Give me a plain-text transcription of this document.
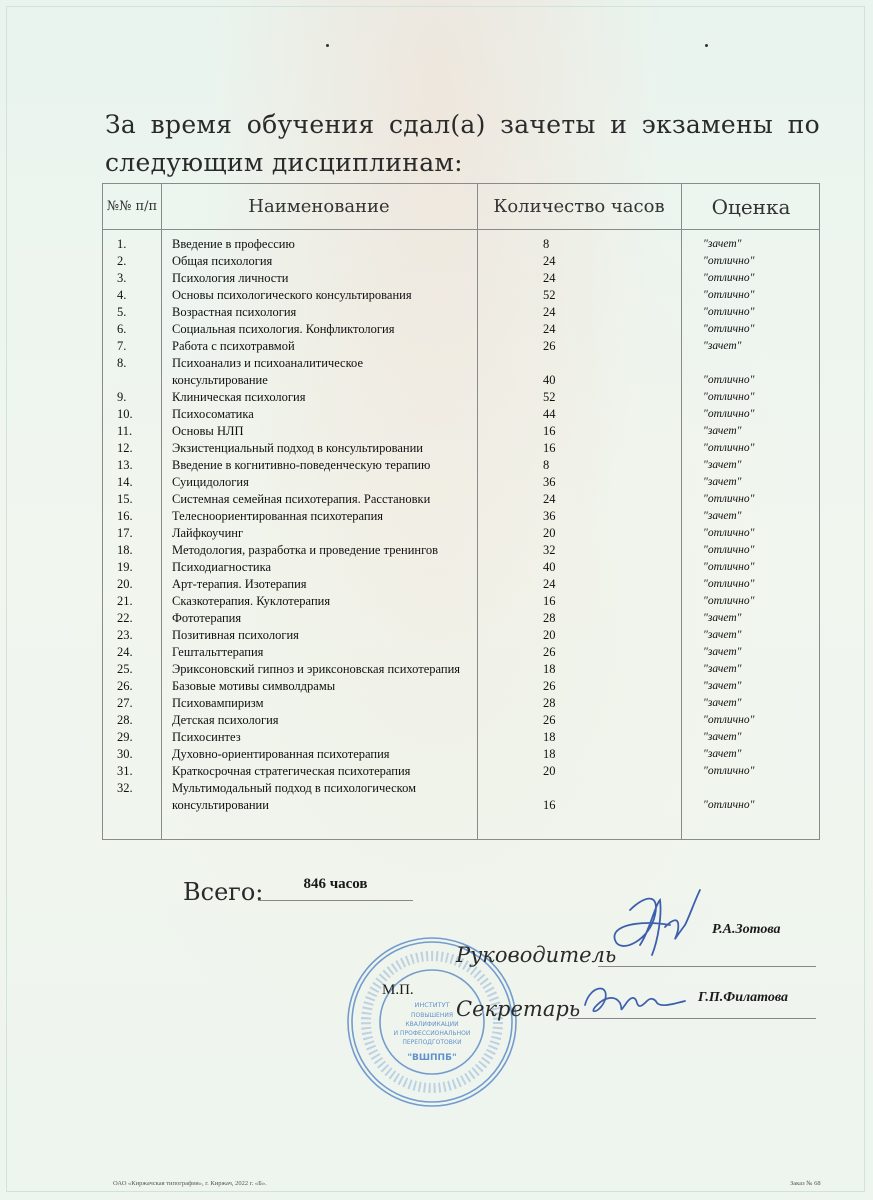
За время обучения сдал(а) зачеты и экзамены по следующим дисциплинам:
№№ п/п	Наименование	Количество часов	Оценка
1.	Введение в профессию	8	"зачет"
2.	Общая психология	24	"отлично"
3.	Психология личности	24	"отлично"
4.	Основы психологического консультирования	52	"отлично"
5.	Возрастная психология	24	"отлично"
6.	Социальная психология. Конфликтология	24	"отлично"
7.	Работа с психотравмой	26	"зачет"
8.	Психоанализ и психоаналитическое
консультирование	40	"отлично"
9.	Клиническая психология	52	"отлично"
10.	Психосоматика	44	"отлично"
11.	Основы НЛП	16	"зачет"
12.	Экзистенциальный подход в консультировании	16	"отлично"
13.	Введение в когнитивно-поведенческую терапию	8	"зачет"
14.	Суицидология	36	"зачет"
15.	Системная семейная психотерапия. Расстановки	24	"отлично"
16.	Телесноориентированная психотерапия	36	"зачет"
17.	Лайфкоучинг	20	"отлично"
18.	Методология, разработка и проведение тренингов	32	"отлично"
19.	Психодиагностика	40	"отлично"
20.	Арт-терапия. Изотерапия	24	"отлично"
21.	Сказкотерапия. Куклотерапия	16	"отлично"
22.	Фототерапия	28	"зачет"
23.	Позитивная психология	20	"зачет"
24.	Гештальттерапия	26	"зачет"
25.	Эриксоновский гипноз и эриксоновская психотерапия	18	"зачет"
26.	Базовые мотивы символдрамы	26	"зачет"
27.	Психовампиризм	28	"зачет"
28.	Детская психология	26	"отлично"
29.	Психосинтез	18	"зачет"
30.	Духовно-ориентированная психотерапия	18	"зачет"
31.	Краткосрочная стратегическая психотерапия	20	"отлично"
32.	Мультимодальный подход в психологическом
консультировании	16	"отлично"
Всего:	846 часов
ИНСТИТУТ
ПОВЫШЕНИЯ
КВАЛИФИКАЦИИ
И ПРОФЕССИОНАЛЬНОЙ
ПЕРЕПОДГОТОВКИ
"ВШППБ"
Руководитель
Р.А.Зотова
М.П.
Секретарь	Г.П.Филатова
ОАО «Киржачская типография», г. Киржач, 2022 г. «Б».	Заказ № 68
